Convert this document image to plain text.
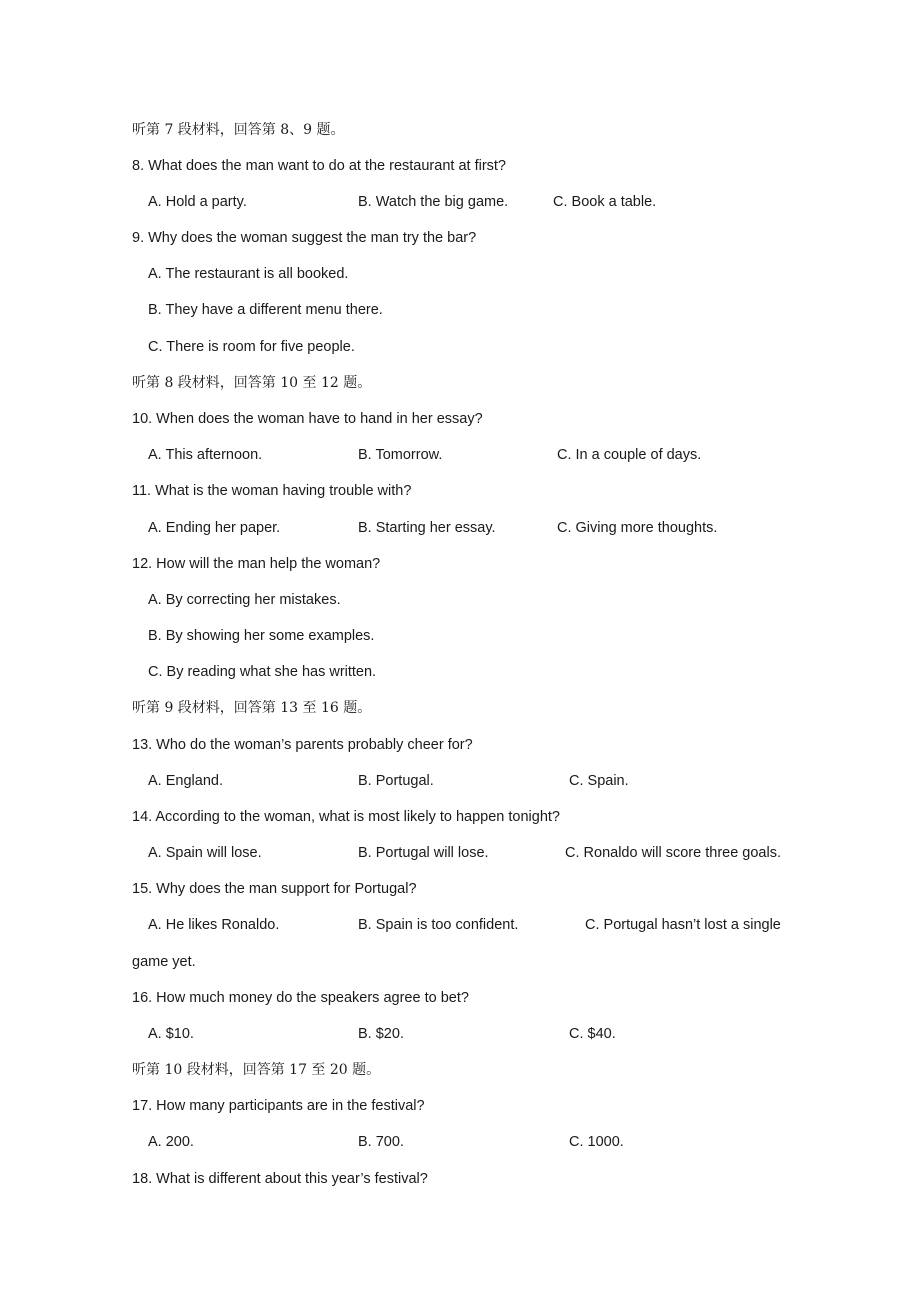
听第 7 段材料，回答第 8、9 题。
8. What does the man want to do at the restaurant at first?
A. Hold a party.	B. Watch the big game.	C. Book a table.
9. Why does the woman suggest the man try the bar?
A. The restaurant is all booked.
B. They have a different menu there.
C. There is room for five people.
听第 8 段材料，回答第 10 至 12 题。
10. When does the woman have to hand in her essay?
A. This afternoon.	B. Tomorrow.	C. In a couple of days.
11. What is the woman having trouble with?
A. Ending her paper.	B. Starting her essay.	C. Giving more thoughts.
12. How will the man help the woman?
A. By correcting her mistakes.
B. By showing her some examples.
C. By reading what she has written.
听第 9 段材料，回答第 13 至 16 题。
13. Who do the woman’s parents probably cheer for?
A. England.	B. Portugal.	C. Spain.
14. According to the woman, what is most likely to happen tonight?
A. Spain will lose.	B. Portugal will lose.	C. Ronaldo will score three goals.
15. Why does the man support for Portugal?
A. He likes Ronaldo.	B. Spain is too confident.	C. Portugal hasn’t lost a single
game yet.
16. How much money do the speakers agree to bet?
A. $10.	B. $20.	C. $40.
听第 10 段材料，回答第 17 至 20 题。
17. How many participants are in the festival?
A. 200.	B. 700.	C. 1000.
18. What is different about this year’s festival?
